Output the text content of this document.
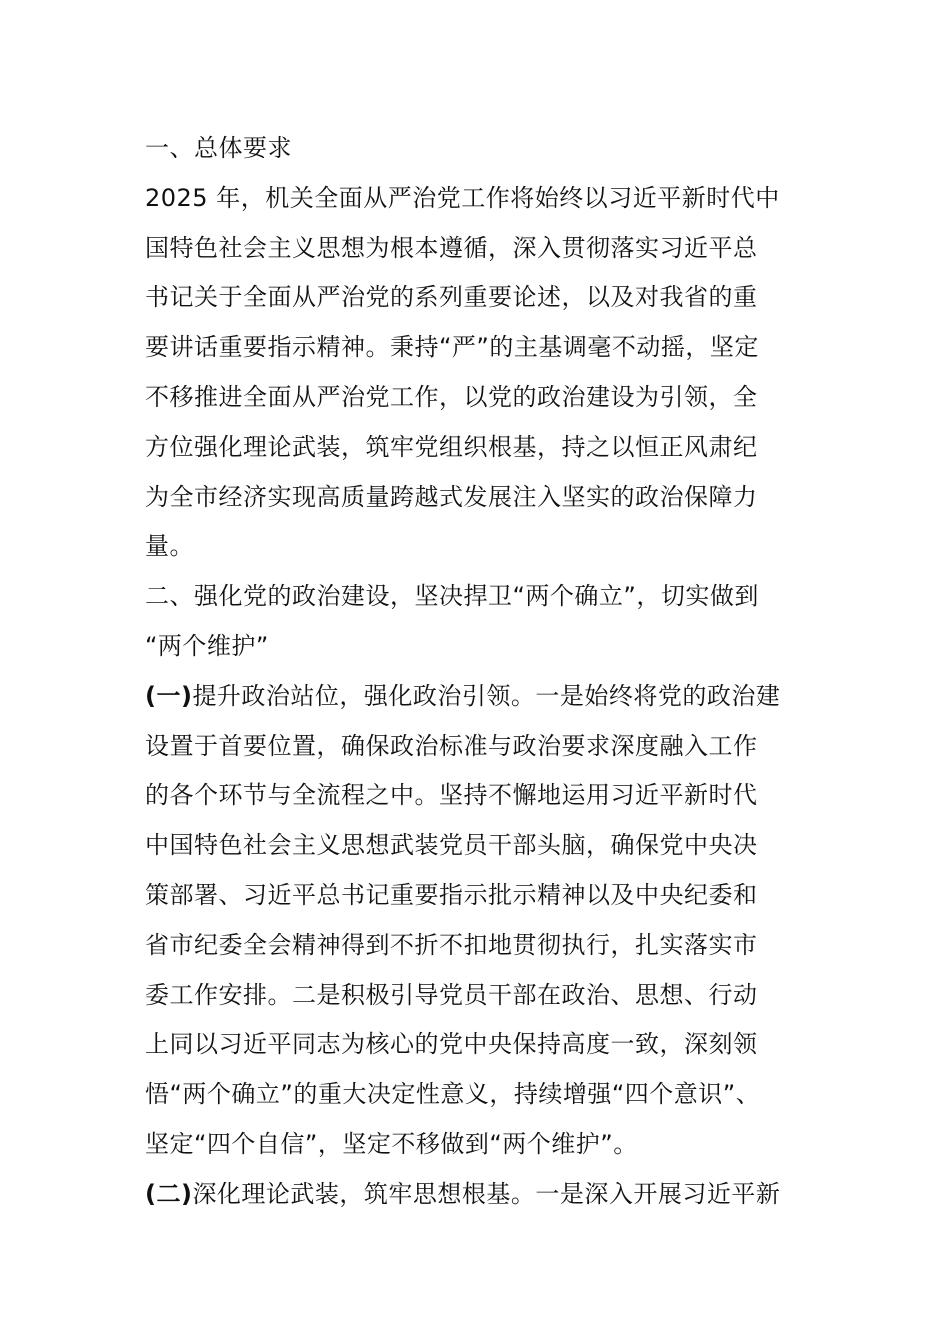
一、总体要求
2025 年，机关全面从严治党工作将始终以习近平新时代中
国特色社会主义思想为根本遵循，深入贯彻落实习近平总
书记关于全面从严治党的系列重要论述，以及对我省的重
要讲话重要指示精神。秉持“严”的主基调毫不动摇，坚定
不移推进全面从严治党工作，以党的政治建设为引领，全
方位强化理论武装，筑牢党组织根基，持之以恒正风肃纪
为全市经济实现高质量跨越式发展注入坚实的政治保障力
量。
二、强化党的政治建设，坚决捍卫“两个确立”，切实做到
“两个维护”
(一)提升政治站位，强化政治引领。一是始终将党的政治建
设置于首要位置，确保政治标准与政治要求深度融入工作
的各个环节与全流程之中。坚持不懈地运用习近平新时代
中国特色社会主义思想武装党员干部头脑，确保党中央决
策部署、习近平总书记重要指示批示精神以及中央纪委和
省市纪委全会精神得到不折不扣地贯彻执行，扎实落实市
委工作安排。二是积极引导党员干部在政治、思想、行动
上同以习近平同志为核心的党中央保持高度一致，深刻领
悟“两个确立”的重大决定性意义，持续增强“四个意识”、
坚定“四个自信”，坚定不移做到“两个维护”。
(二)深化理论武装，筑牢思想根基。一是深入开展习近平新
